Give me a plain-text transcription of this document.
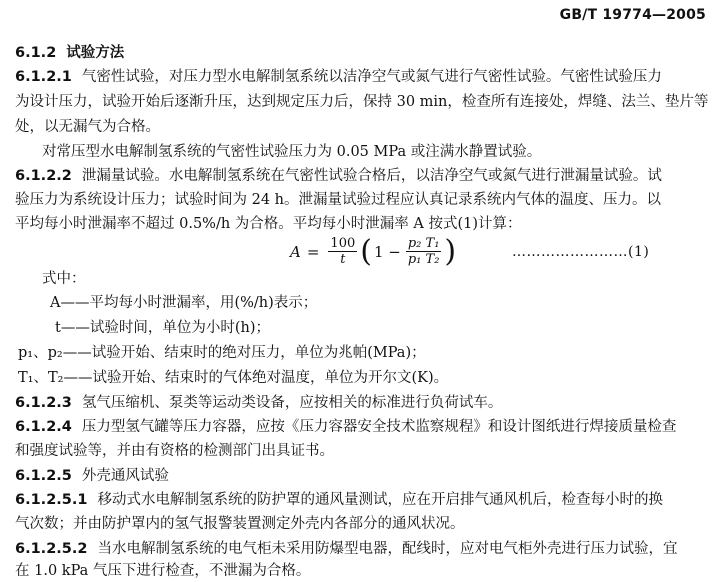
GB/T 19774—2005
6.1.2 试验方法
6.1.2.1 气密性试验，对压力型水电解制氢系统以洁净空气或氮气进行气密性试验。气密性试验压力
为设计压力，试验开始后逐渐升压，达到规定压力后，保持 30 min，检查所有连接处，焊缝、法兰、垫片等
处，以无漏气为合格。
对常压型水电解制氢系统的气密性试验压力为 0.05 MPa 或注满水静置试验。
6.1.2.2 泄漏量试验。水电解制氢系统在气密性试验合格后，以洁净空气或氮气进行泄漏量试验。试
验压力为系统设计压力；试验时间为 24 h。泄漏量试验过程应认真记录系统内气体的温度、压力。以
平均每小时泄漏率不超过 0.5%/h 为合格。平均每小时泄漏率 A 按式(1)计算：
$A = \frac{100}{t}$ ( $1 - \frac{\text{p₂ T₁}}{\text{p₁ T₂}}$ )	……………………(1)
式中：
A——平均每小时泄漏率，用(%/h)表示；
t——试验时间，单位为小时(h)；
p₁、p₂——试验开始、结束时的绝对压力，单位为兆帕(MPa)；
T₁、T₂——试验开始、结束时的气体绝对温度，单位为开尔文(K)。
6.1.2.3 氢气压缩机、泵类等运动类设备，应按相关的标准进行负荷试车。
6.1.2.4 压力型氢气罐等压力容器，应按《压力容器安全技术监察规程》和设计图纸进行焊接质量检查
和强度试验等，并由有资格的检测部门出具证书。
6.1.2.5 外壳通风试验
6.1.2.5.1 移动式水电解制氢系统的防护罩的通风量测试，应在开启排气通风机后，检查每小时的换
气次数；并由防护罩内的氢气报警装置测定外壳内各部分的通风状况。
6.1.2.5.2 当水电解制氢系统的电气柜未采用防爆型电器，配线时，应对电气柜外壳进行压力试验，宜
在 1.0 kPa 气压下进行检查，不泄漏为合格。
